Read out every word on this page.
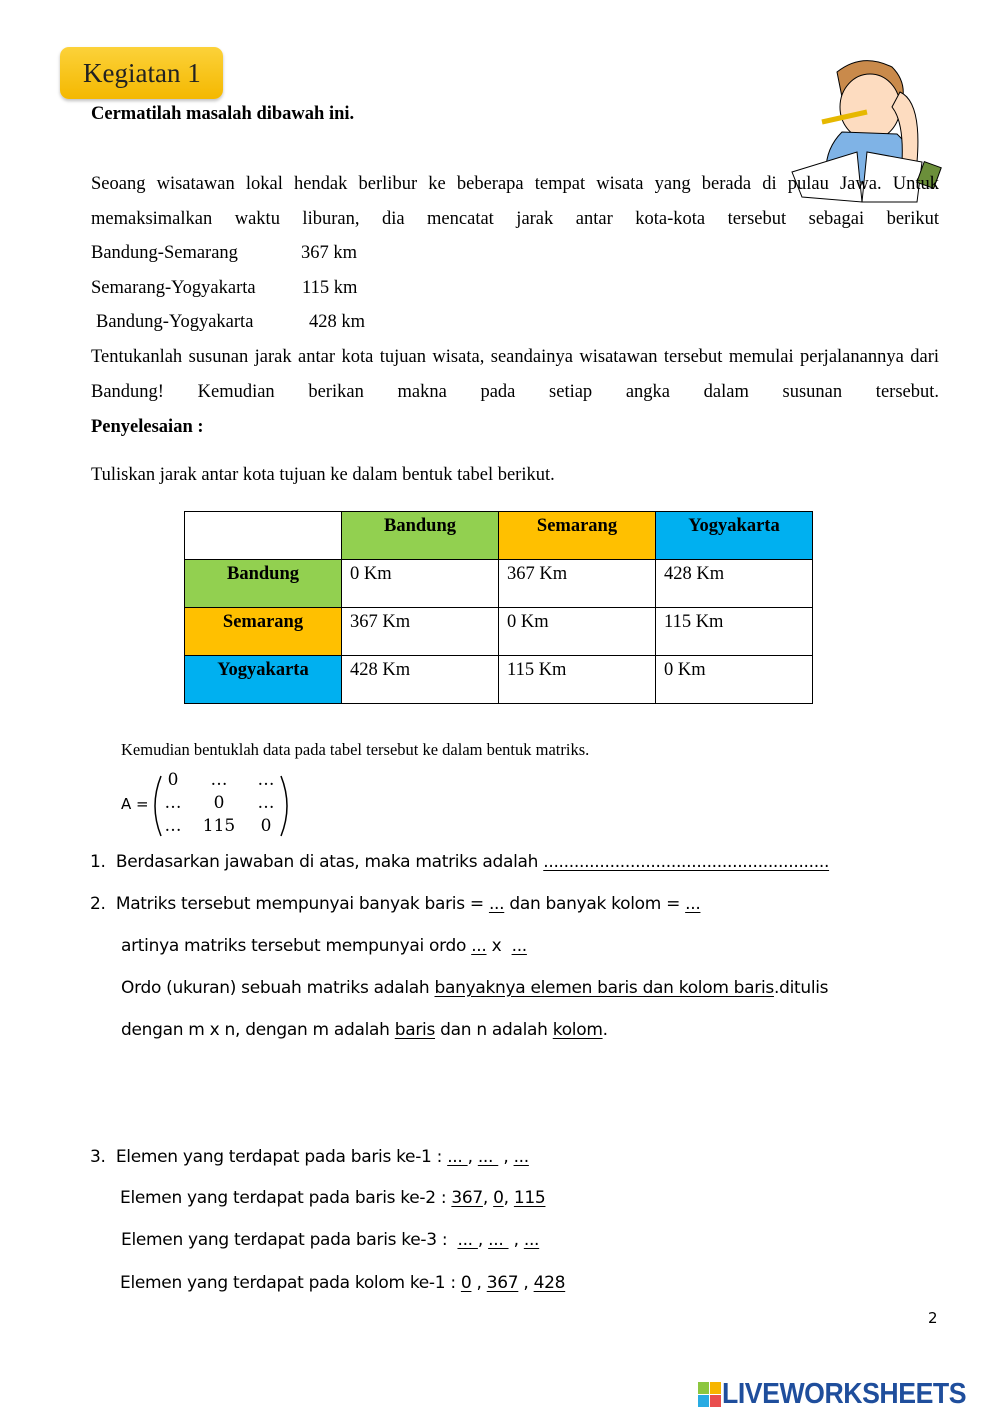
Kegiatan 1
Cermatilah masalah dibawah ini.
Seoang wisatawan lokal hendak berlibur ke beberapa tempat wisata yang berada di pulau Jawa. Untuk memaksimalkan waktu liburan, dia mencatat jarak antar kota-kota tersebut sebagai berikut
Bandung-Semarang	367 km
Semarang-Yogyakarta	115 km
Bandung-Yogyakarta	428 km
Tentukanlah susunan jarak antar kota tujuan wisata, seandainya wisatawan tersebut memulai perjalanannya dari Bandung! Kemudian berikan makna pada setiap angka dalam susunan tersebut.
Penyelesaian :
Tuliskan jarak antar kota tujuan ke dalam bentuk tabel berikut.
	Bandung	Semarang	Yogyakarta
Bandung	0 Km	367 Km	428 Km
Semarang	367 Km	0 Km	115 Km
Yogyakarta	428 Km	115 Km	0 Km
Kemudian bentuklah data pada tabel tersebut ke dalam bentuk matriks.
A =
0	…	…
…	0	…
…	115	0
1.  Berdasarkan jawaban di atas, maka matriks adalah ........................................................
2.  Matriks tersebut mempunyai banyak baris = ... dan banyak kolom = ...
artinya matriks tersebut mempunyai ordo ... x  ...
Ordo (ukuran) sebuah matriks adalah banyaknya elemen baris dan kolom baris.ditulis
dengan m x n, dengan m adalah baris dan n adalah kolom.
3.  Elemen yang terdapat pada baris ke-1 : ... , ...  , ...
Elemen yang terdapat pada baris ke-2 : 367, 0, 115
Elemen yang terdapat pada baris ke-3 :  ... , ...  , ...
Elemen yang terdapat pada kolom ke-1 : 0 , 367 , 428
2
LIVEWORKSHEETS
